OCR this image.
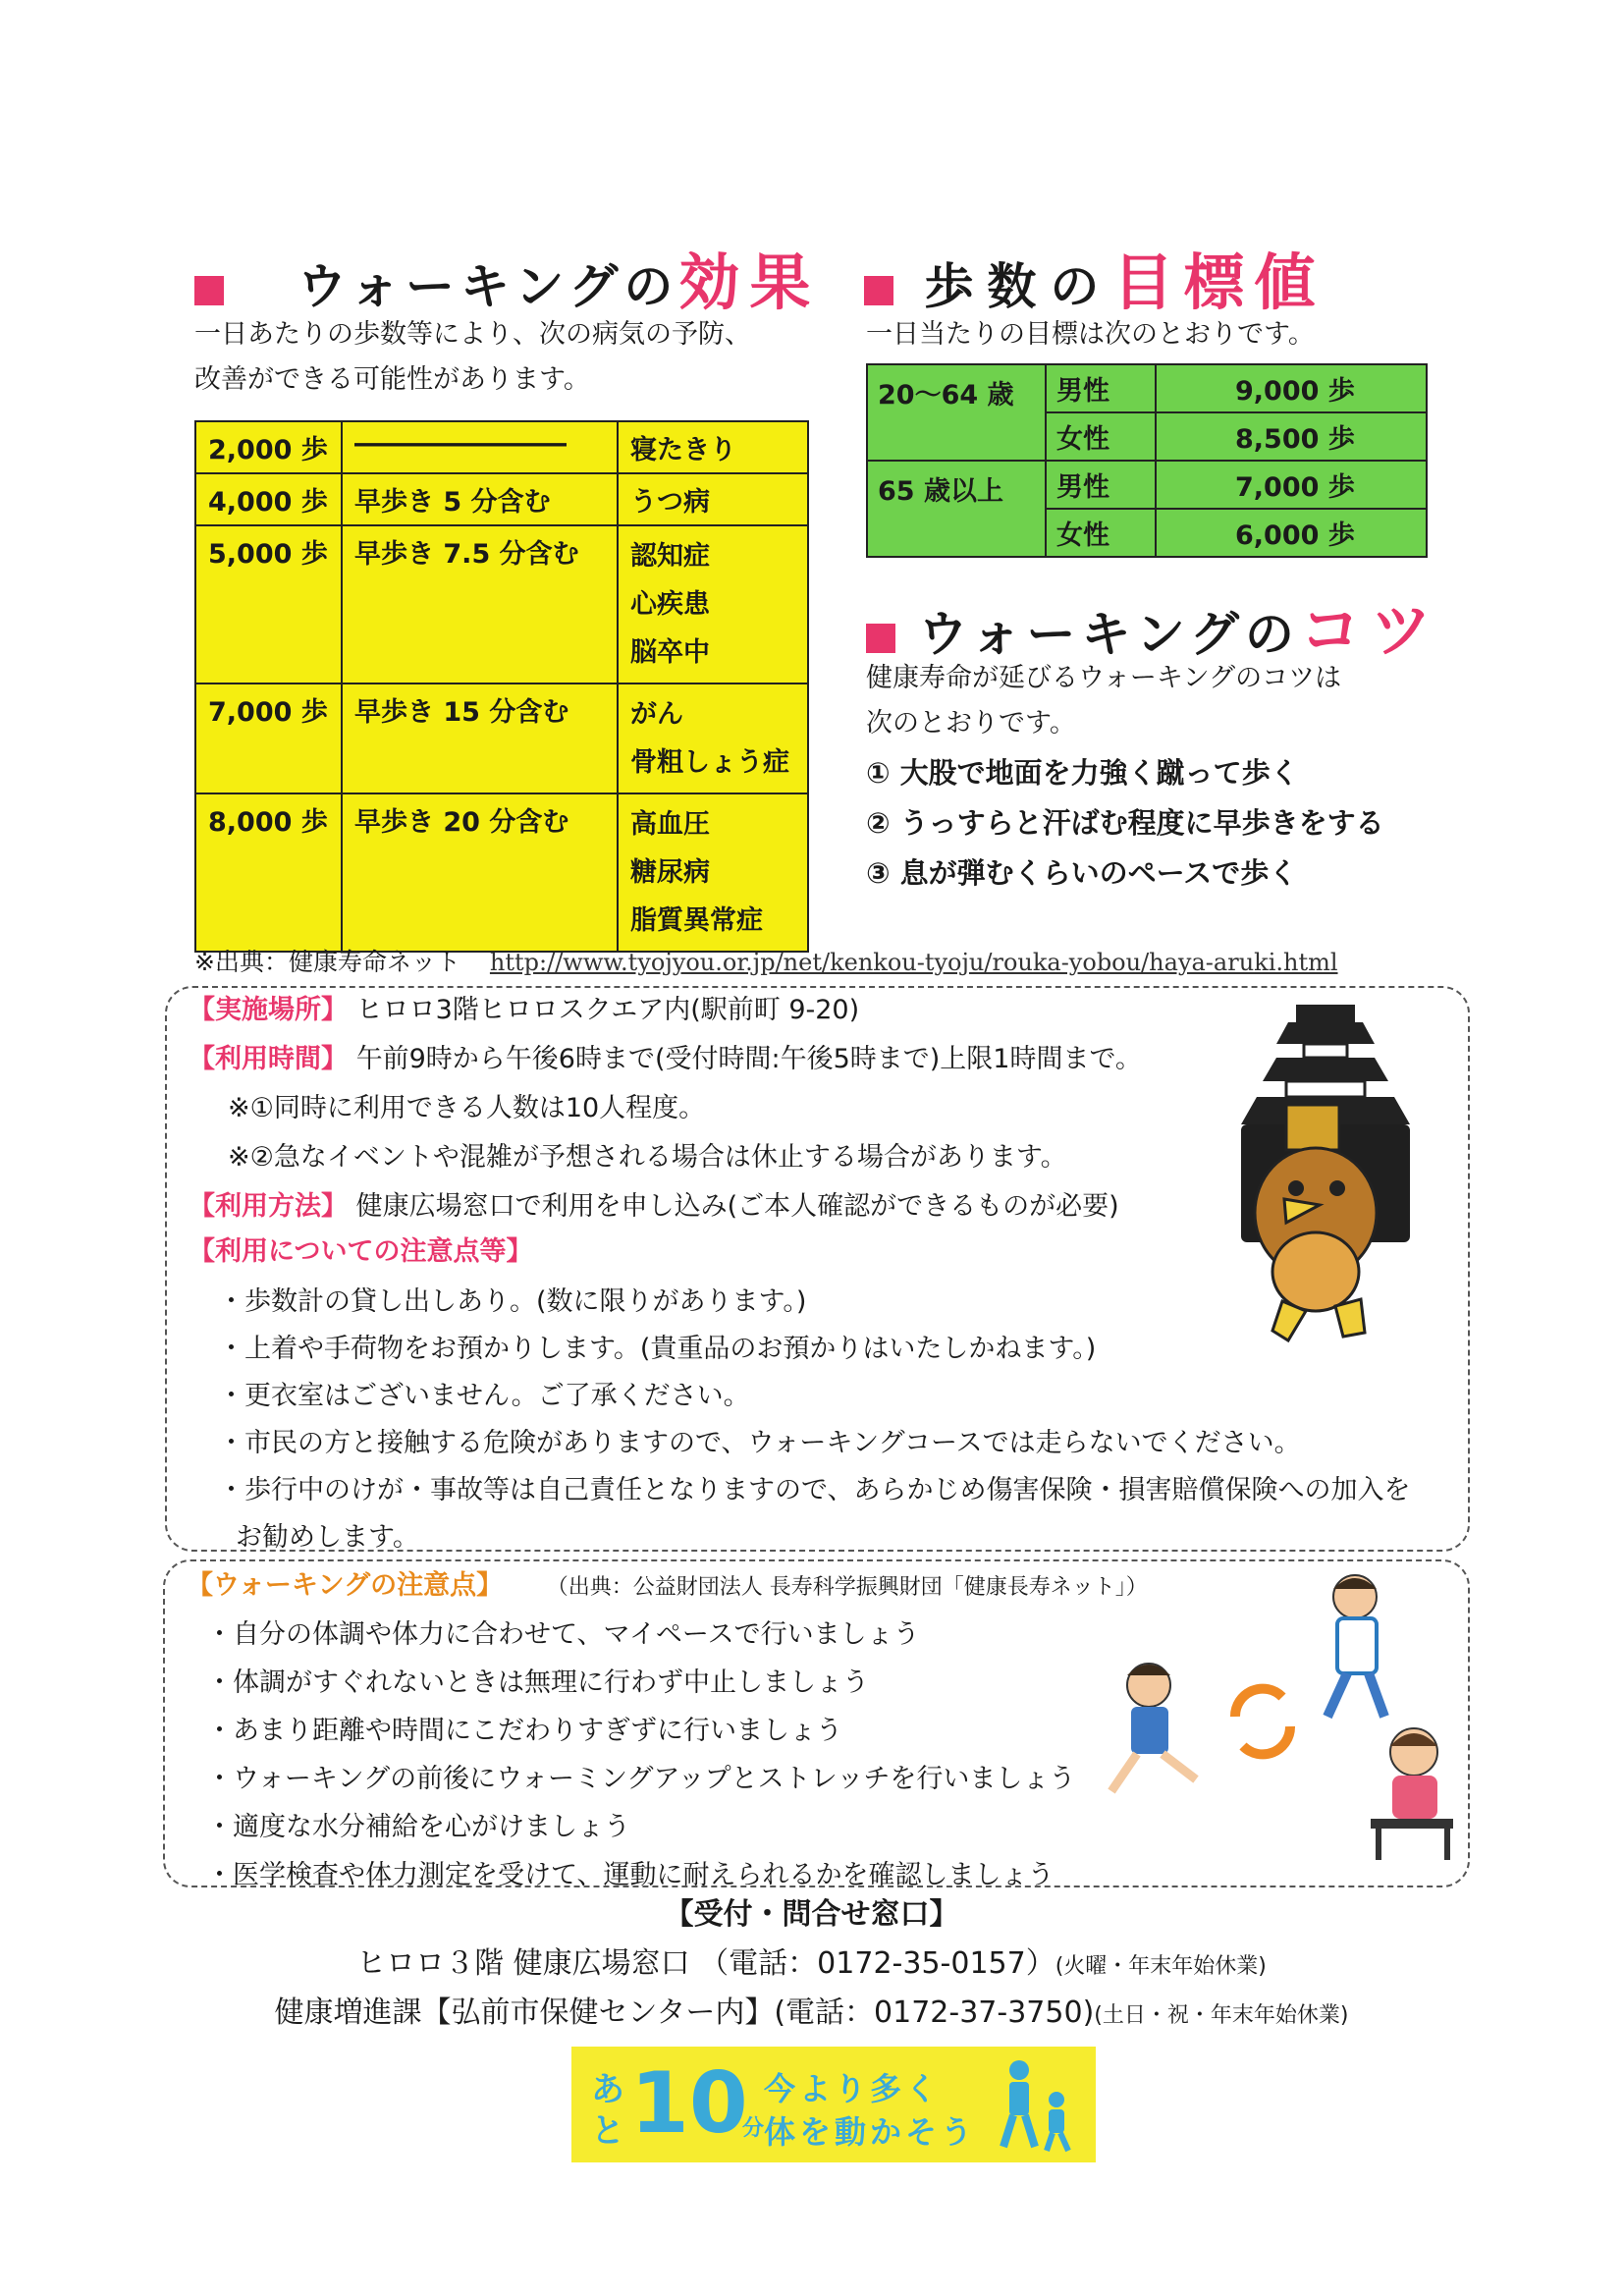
ウォーキングの効果
一日あたりの歩数等により、次の病気の予防、
改善ができる可能性があります。
2,000 歩	――――――――	寝たきり

4,000 歩	早歩き 5 分含む	うつ病

5,000 歩	早歩き 7.5 分含む	認知症
心疾患
脳卒中

7,000 歩	早歩き 15 分含む	がん
骨粗しょう症

8,000 歩	早歩き 20 分含む	高血圧
糖尿病
脂質異常症
歩数の目標値
一日当たりの目標は次のとおりです。
20～64 歳	男性	9,000 歩
	女性	8,500 歩
65 歳以上	男性	7,000 歩
	女性	6,000 歩
ウォーキングのコツ
健康寿命が延びるウォーキングのコツは
次のとおりです。
① 大股で地面を力強く蹴って歩く
② うっすらと汗ばむ程度に早歩きをする
③ 息が弾むくらいのペースで歩く
※出典：健康寿命ネット http://www.tyojyou.or.jp/net/kenkou-tyoju/rouka-yobou/haya-aruki.html
【実施場所】 ヒロロ3階ヒロロスクエア内(駅前町 9-20)
【利用時間】 午前9時から午後6時まで(受付時間:午後5時まで)上限1時間まで。
※①同時に利用できる人数は10人程度。
※②急なイベントや混雑が予想される場合は休止する場合があります。
【利用方法】 健康広場窓口で利用を申し込み(ご本人確認ができるものが必要)
【利用についての注意点等】
・歩数計の貸し出しあり。(数に限りがあります。)
・上着や手荷物をお預かりします。(貴重品のお預かりはいたしかねます。)
・更衣室はございません。ご了承ください。
・市民の方と接触する危険がありますので、ウォーキングコースでは走らないでください。
・歩行中のけが・事故等は自己責任となりますので、あらかじめ傷害保険・損害賠償保険への加入を
お勧めします。
【ウォーキングの注意点】 （出典：公益財団法人 長寿科学振興財団「健康長寿ネット」）
・自分の体調や体力に合わせて、マイペースで行いましょう
・体調がすぐれないときは無理に行わず中止しましょう
・あまり距離や時間にこだわりすぎずに行いましょう
・ウォーキングの前後にウォーミングアップとストレッチを行いましょう
・適度な水分補給を心がけましょう
・医学検査や体力測定を受けて、運動に耐えられるかを確認しましょう
【受付・問合せ窓口】
ヒロロ３階 健康広場窓口 （電話：0172-35-0157）(火曜・年末年始休業)
健康増進課【弘前市保健センター内】(電話：0172-37-3750)(土日・祝・年末年始休業)
あ
と 10
分
今より多く
体を動かそう
